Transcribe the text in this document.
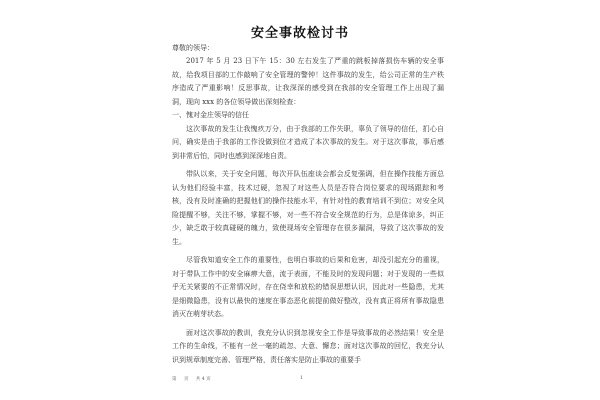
安全事故检讨书
尊敬的领导：

2017 年 5 月 23 日下午 15：30 左右发生了严重的跳板掉落损伤车辆的安全事故，给我项目部的工作敲响了安全管理的警钟！这件事故的发生，给公司正常的生产秩序造成了严重影响！反思事故，让我深深的感受到在我部的安全管理工作上出现了漏洞，现向 xxx 的各位领导做出深刻检查：

一、愧对金庄领导的信任

这次事故的发生让我愧疚万分，由于我部的工作失职，辜负了领导的信任，扪心自问，确实是由于我部的工作没做到位才造成了本次事故的发生。对于这次事故，事后感到非常后怕，同时也感到深深地自责。

带队以来，关于安全问题，每次开队伍座谈会都会反复强调，但在操作技能方面总认为他们经验丰富，技术过硬，忽视了对这些人员是否符合岗位要求的现场跟踪和考核，没有及时准确的把握他们的操作技能水平，有针对性的教育培训不到位；对安全风险提醒不够，关注不够，掌握不够，对一些不符合安全规范的行为，总是体谅多，纠正少，缺乏敢于较真碰硬的魄力，致使现场安全管理存在很多漏洞，导致了这次事故的发生。

尽管我知道安全工作的重要性，也明白事故的后果和危害，却没引起充分的重视，对于带队工作中的安全麻痹大意，流于表面，不能及时的发现问题；对于发现的一些似乎无关紧要的不正常情况时，存在侥幸和放松的错误思想认识，因此对一些隐患，尤其是细微隐患，没有以最快的速度在事态恶化前提前做好整改，没有真正将所有事故隐患消灭在萌芽状态。

面对这次事故的教训，我充分认识到忽视安全工作是导致事故的必然结果！安全是工作的生命线，不能有一丝一毫的疏忽、大意、懈怠；面对这次事故的回忆，我充分认识到规章制度完善、管理严格，责任落实是防止事故的重要手

第 页 共 4 页	1
